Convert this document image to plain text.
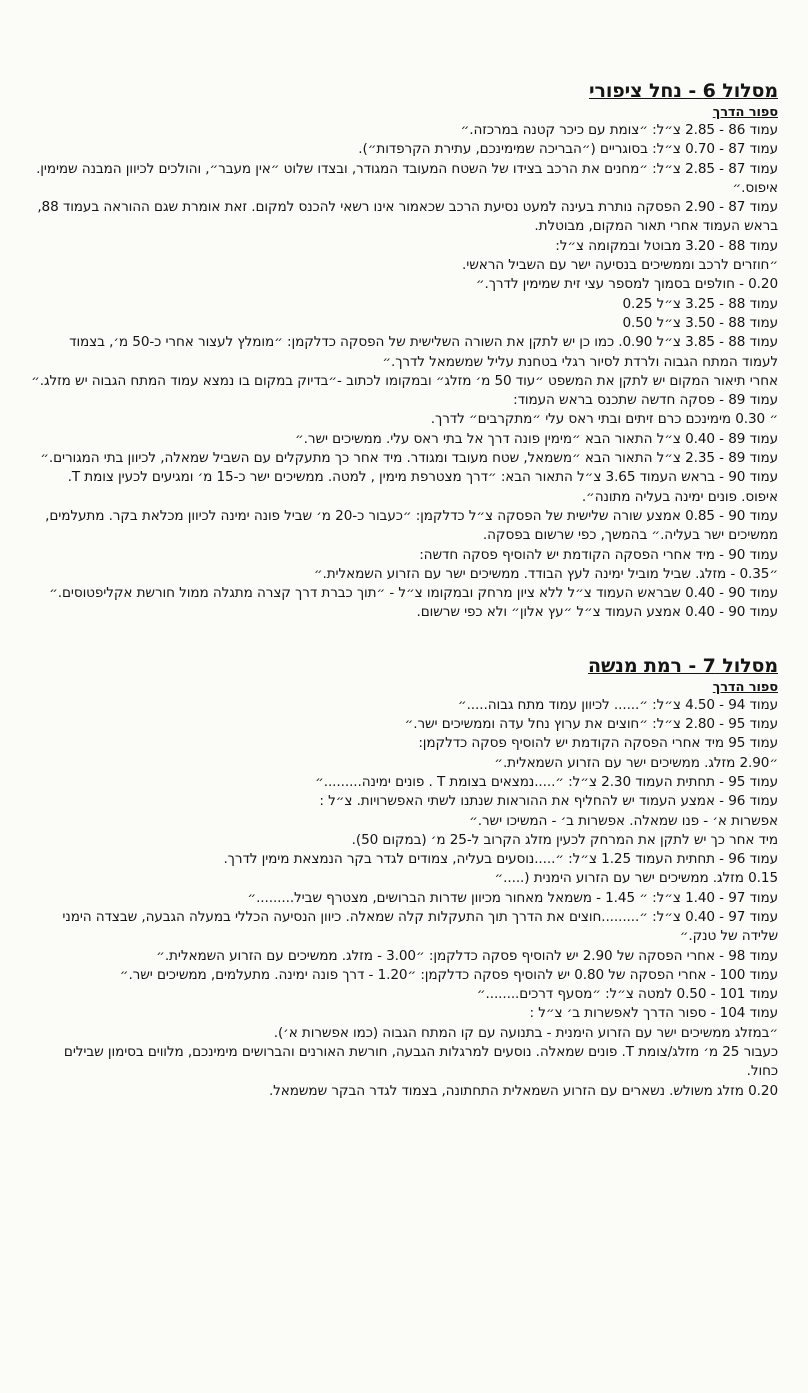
מסלול 6 - נחל ציפורי

ספור הדרך

עמוד 86 - 2.85 צ״ל: ״צומת עם כיכר קטנה במרכזה.״

עמוד 87 - 0.70 צ״ל: בסוגריים (״הבריכה שמימינכם, עתירת הקרפדות״).

עמוד 87 - 2.85 צ״ל: ״מחנים את הרכב בצידו של השטח המעובד המגודר, ובצדו שלוט ״אין מעבר״, והולכים לכיוון המבנה שמימין. איפוס.״

עמוד 87 - 2.90 הפסקה נותרת בעינה למעט נסיעת הרכב שכאמור אינו רשאי להכנס למקום. זאת אומרת שגם ההוראה בעמוד 88, בראש העמוד אחרי תאור המקום, מבוטלת.

עמוד 88 - 3.20 מבוטל ובמקומה צ״ל:

״חוזרים לרכב וממשיכים בנסיעה ישר עם השביל הראשי.

0.20 - חולפים בסמוך למספר עצי זית שמימין לדרך.״

עמוד 88 - 3.25 צ״ל 0.25

עמוד 88 - 3.50 צ״ל 0.50

עמוד 88 - 3.85 צ״ל 0.90. כמו כן יש לתקן את השורה השלישית של הפסקה כדלקמן: ״מומלץ לעצור אחרי כ-50 מ׳, בצמוד לעמוד המתח הגבוה ולרדת לסיור רגלי בטחנת עליל שמשמאל לדרך.״

אחרי תיאור המקום יש לתקן את המשפט ״עוד 50 מ׳ מזלג״ ובמקומו לכתוב -״בדיוק במקום בו נמצא עמוד המתח הגבוה יש מזלג.״

עמוד 89 - פסקה חדשה שתכנס בראש העמוד:

״ 0.30 מימינכם כרם זיתים ובתי ראס עלי ״מתקרבים״ לדרך.

עמוד 89 - 0.40 צ״ל התאור הבא ״מימין פונה דרך אל בתי ראס עלי. ממשיכים ישר.״

עמוד 89 - 2.35 צ״ל התאור הבא ״משמאל, שטח מעובד ומגודר. מיד אחר כך מתעקלים עם השביל שמאלה, לכיוון בתי המגורים.״

עמוד 90 - בראש העמוד 3.65 צ״ל התאור הבא: ״דרך מצטרפת מימין , למטה. ממשיכים ישר כ-15 מ׳ ומגיעים לכעין צומת T. איפוס. פונים ימינה בעליה מתונה״.

עמוד 90 - 0.85 אמצע שורה שלישית של הפסקה צ״ל כדלקמן: ״כעבור כ-20 מ׳ שביל פונה ימינה לכיוון מכלאת בקר. מתעלמים, ממשיכים ישר בעליה.״ בהמשך, כפי שרשום בפסקה.

עמוד 90 - מיד אחרי הפסקה הקודמת יש להוסיף פסקה חדשה:

״0.35 - מזלג. שביל מוביל ימינה לעץ הבודד. ממשיכים ישר עם הזרוע השמאלית.״

עמוד 90 - 0.40 שבראש העמוד צ״ל ללא ציון מרחק ובמקומו צ״ל - ״תוך כברת דרך קצרה מתגלה ממול חורשת אקליפטוסים.״

עמוד 90 - 0.40 אמצע העמוד צ״ל ״עץ אלון״ ולא כפי שרשום.

מסלול 7 - רמת מנשה

ספור הדרך

עמוד 94 - 4.50 צ״ל: ״...... לכיוון עמוד מתח גבוה.....״

עמוד 95 - 2.80 צ״ל: ״חוצים את ערוץ נחל עדה וממשיכים ישר.״

עמוד 95 מיד אחרי הפסקה הקודמת יש להוסיף פסקה כדלקמן:

״2.90 מזלג. ממשיכים ישר עם הזרוע השמאלית.״

עמוד 95 - תחתית העמוד 2.30 צ״ל: ״.....נמצאים בצומת T . פונים ימינה.........״

עמוד 96 - אמצע העמוד יש להחליף את ההוראות שנתנו לשתי האפשרויות. צ״ל :

אפשרות א׳ - פנו שמאלה. אפשרות ב׳ - המשיכו ישר.״

מיד אחר כך יש לתקן את המרחק לכעין מזלג הקרוב ל-25 מ׳ (במקום 50).

עמוד 96 - תחתית העמוד 1.25 צ״ל: ״.....נוסעים בעליה, צמודים לגדר בקר הנמצאת מימין לדרך.

0.15 מזלג. ממשיכים ישר עם הזרוע הימנית (.....״

עמוד 97 - 1.40 צ״ל: ״ 1.45 - משמאל מאחור מכיוון שדרות הברושים, מצטרף שביל.........״

עמוד 97 - 0.40 צ״ל: ״.........חוצים את הדרך תוך התעקלות קלה שמאלה. כיוון הנסיעה הכללי במעלה הגבעה, שבצדה הימני שלידה של טנק.״

עמוד 98 - אחרי הפסקה של 2.90 יש להוסיף פסקה כדלקמן: ״3.00 - מזלג. ממשיכים עם הזרוע השמאלית.״

עמוד 100 - אחרי הפסקה של 0.80 יש להוסיף פסקה כדלקמן: ״1.20 - דרך פונה ימינה. מתעלמים, ממשיכים ישר.״

עמוד 101 - 0.50 למטה צ״ל: ״מסעף דרכים........״

עמוד 104 - ספור הדרך לאפשרות ב׳ צ״ל :

״במזלג ממשיכים ישר עם הזרוע הימנית - בתנועה עם קו המתח הגבוה (כמו אפשרות א׳).

כעבור 25 מ׳ מזלג/צומת T. פונים שמאלה. נוסעים למרגלות הגבעה, חורשת האורנים והברושים מימינכם, מלווים בסימון שבילים כחול.

0.20 מזלג משולש. נשארים עם הזרוע השמאלית התחתונה, בצמוד לגדר הבקר שמשמאל.
